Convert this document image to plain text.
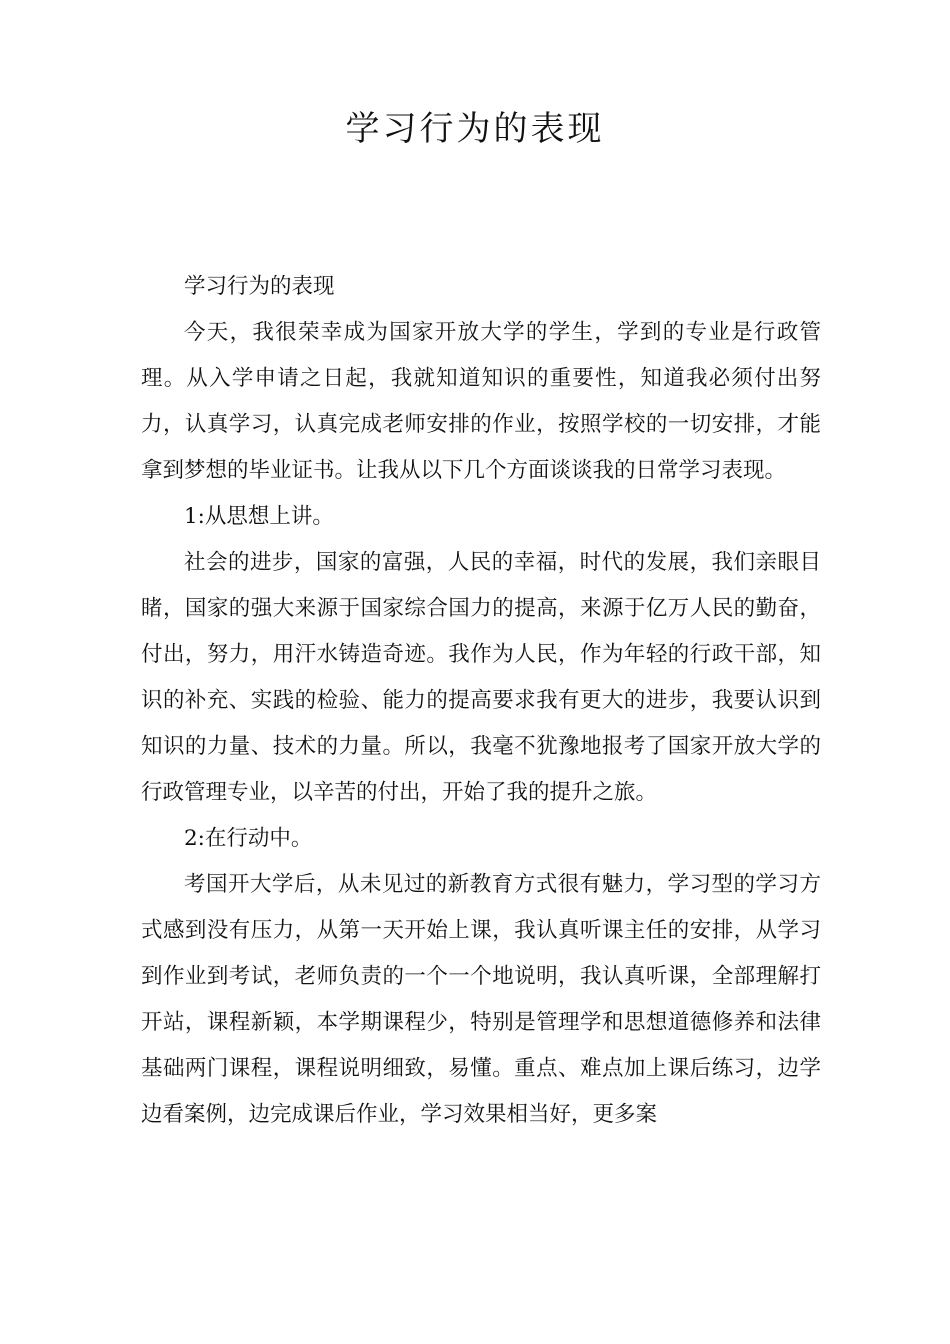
学习行为的表现

学习行为的表现

今天，我很荣幸成为国家开放大学的学生，学到的专业是行政管理。从入学申请之日起，我就知道知识的重要性，知道我必须付出努力，认真学习，认真完成老师安排的作业，按照学校的一切安排，才能拿到梦想的毕业证书。让我从以下几个方面谈谈我的日常学习表现。

1:从思想上讲。

社会的进步，国家的富强，人民的幸福，时代的发展，我们亲眼目睹，国家的强大来源于国家综合国力的提高，来源于亿万人民的勤奋，付出，努力，用汗水铸造奇迹。我作为人民，作为年轻的行政干部，知识的补充、实践的检验、能力的提高要求我有更大的进步，我要认识到知识的力量、技术的力量。所以，我毫不犹豫地报考了国家开放大学的行政管理专业，以辛苦的付出，开始了我的提升之旅。

2:在行动中。

考国开大学后，从未见过的新教育方式很有魅力，学习型的学习方式感到没有压力，从第一天开始上课，我认真听课主任的安排，从学习到作业到考试，老师负责的一个一个地说明，我认真听课，全部理解打开站，课程新颖，本学期课程少，特别是管理学和思想道德修养和法律基础两门课程，课程说明细致，易懂。重点、难点加上课后练习，边学边看案例，边完成课后作业，学习效果相当好，更多案
